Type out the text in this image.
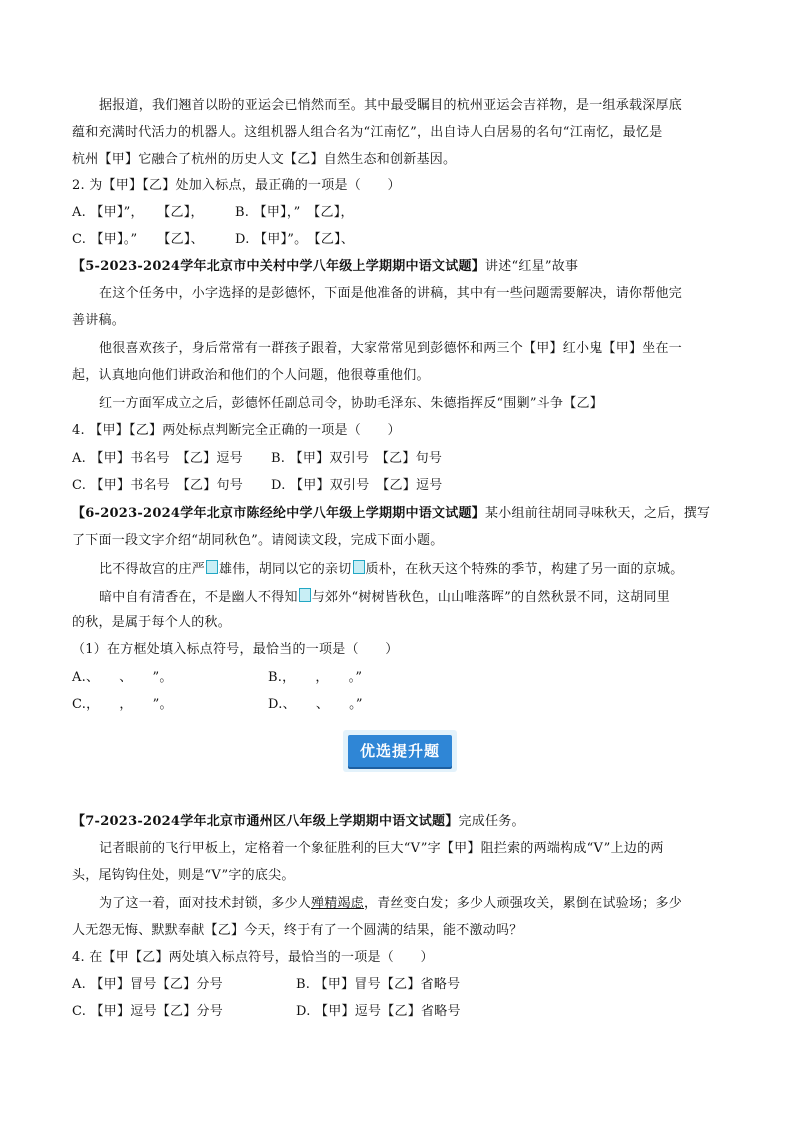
据报道，我们翘首以盼的亚运会已悄然而至。其中最受瞩目的杭州亚运会吉祥物，是一组承载深厚底
蕴和充满时代活力的机器人。这组机器人组合名为“江南忆”，出自诗人白居易的名句“江南忆，最忆是
杭州【甲】它融合了杭州的历史人文【乙】自然生态和创新基因。
2. 为【甲】【乙】处加入标点，最正确的一项是（　　）
A. 【甲】”，　　【乙】， B. 【甲】，”　【乙】，
C. 【甲】。”　　【乙】、 D. 【甲】”。　【乙】、
【5-2023-2024学年北京市中关村中学八年级上学期期中语文试题】讲述“红星”故事
在这个任务中，小字选择的是彭德怀，下面是他准备的讲稿，其中有一些问题需要解决，请你帮他完
善讲稿。
他很喜欢孩子，身后常常有一群孩子跟着，大家常常见到彭德怀和两三个【甲】红小鬼【甲】坐在一
起，认真地向他们讲政治和他们的个人问题，他很尊重他们。
红一方面军成立之后，彭德怀任副总司令，协助毛泽东、朱德指挥反“围剿”斗争【乙】
4. 【甲】【乙】两处标点判断完全正确的一项是（　　）
A. 【甲】书名号　【乙】逗号 B. 【甲】双引号　【乙】句号
C. 【甲】书名号　【乙】句号 D. 【甲】双引号　【乙】逗号
【6-2023-2024学年北京市陈经纶中学八年级上学期期中语文试题】某小组前往胡同寻味秋天，之后，撰写
了下面一段文字介绍“胡同秋色”。请阅读文段，完成下面小题。
比不得故宫的庄严 雄伟，胡同以它的亲切 质朴，在秋天这个特殊的季节，构建了另一面的京城。
暗中自有清香在，不是幽人不得知 与郊外“树树皆秋色，山山唯落晖”的自然秋景不同，这胡同里
的秋，是属于每个人的秋。
（1）在方框处填入标点符号，最恰当的一项是（　　）
A.、　　、　　”。	B.，　　，　　。”
C.，　　，　　”。	D.、　　、　　。”
优选提升题
【7-2023-2024学年北京市通州区八年级上学期期中语文试题】完成任务。
记者眼前的飞行甲板上，定格着一个象征胜利的巨大“V”字【甲】阻拦索的两端构成“V”上边的两
头，尾钩钩住处，则是“V”字的底尖。
为了这一着，面对技术封锁，多少人殚精竭虑，青丝变白发；多少人顽强攻关，累倒在试验场；多少
人无怨无悔、默默奉献【乙】今天，终于有了一个圆满的结果，能不激动吗？
4. 在【甲【乙】两处填入标点符号，最恰当的一项是（　　）
A. 【甲】冒号【乙】分号	B. 【甲】冒号【乙】省略号
C. 【甲】逗号【乙】分号	D. 【甲】逗号【乙】省略号
